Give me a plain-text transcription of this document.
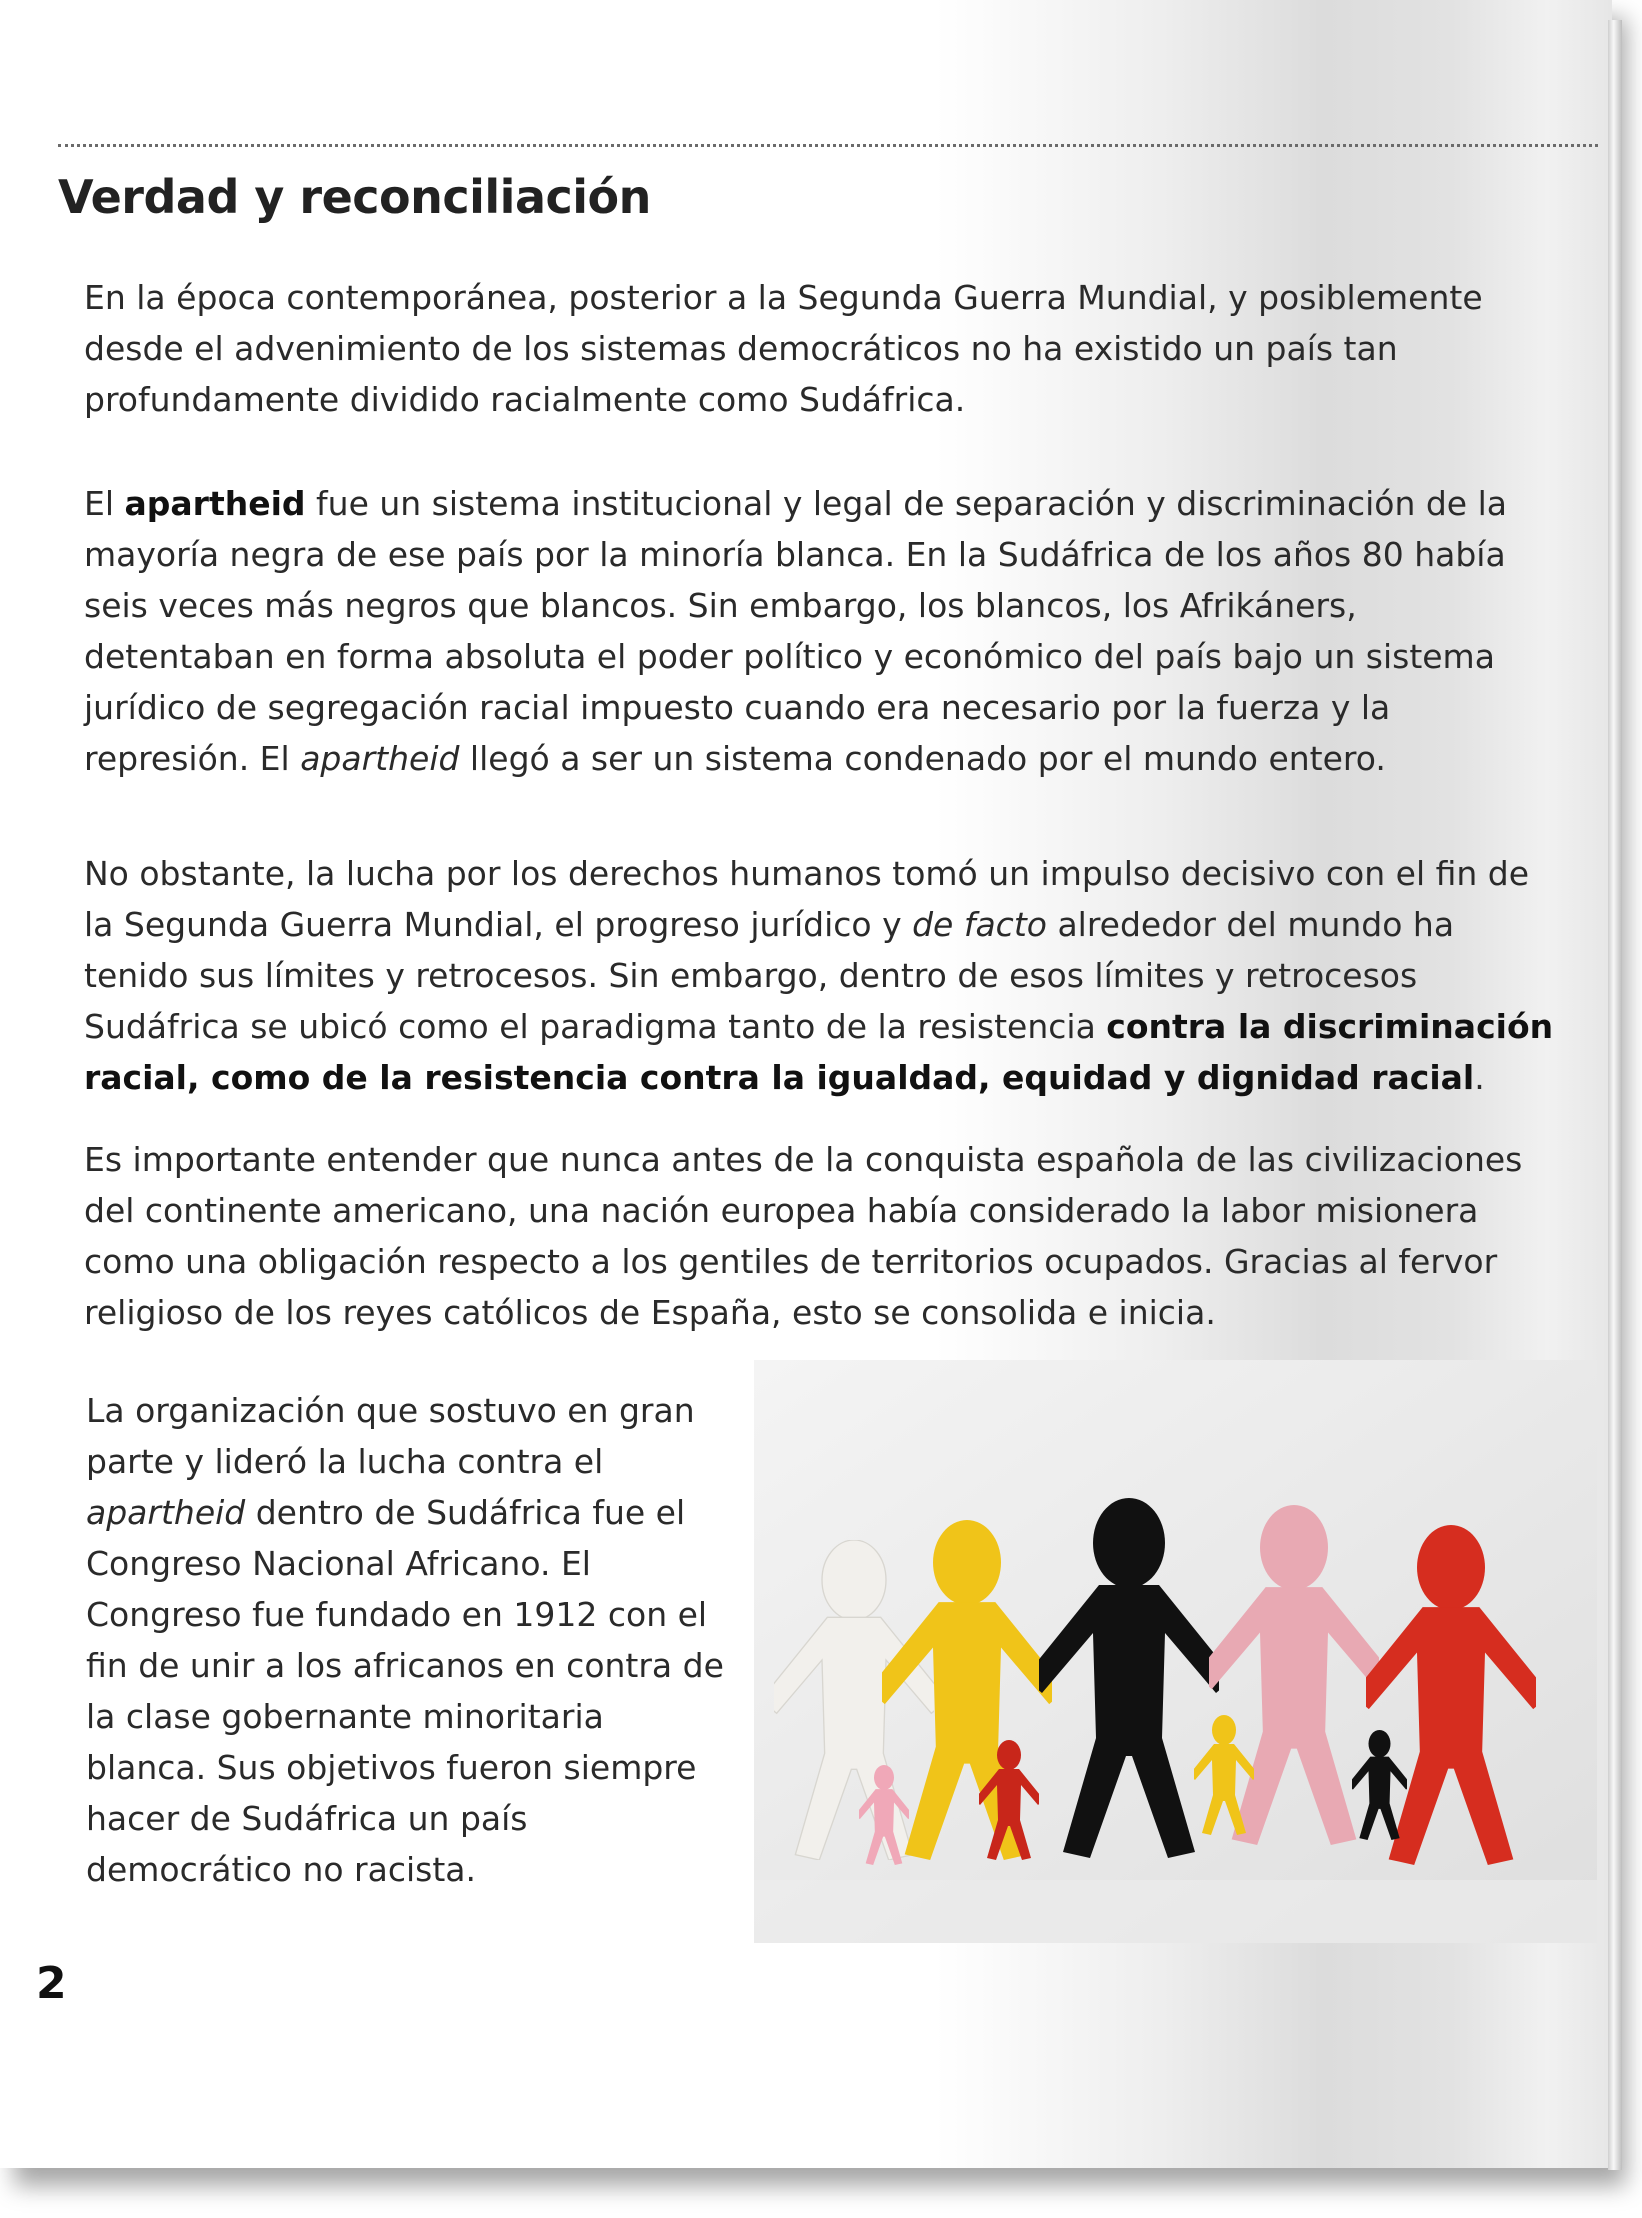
Verdad y reconciliación

En la época contemporánea, posterior a la Segunda Guerra Mundial, y posiblemente desde el advenimiento de los sistemas democráticos no ha existido un país tan profundamente dividido racialmente como Sudáfrica.

El apartheid fue un sistema institucional y legal de separación y discriminación de la mayoría negra de ese país por la minoría blanca. En la Sudáfrica de los años 80 había seis veces más negros que blancos. Sin embargo, los blancos, los Afrikáners, detentaban en forma absoluta el poder político y económico del país bajo un sistema jurídico de segregación racial impuesto cuando era necesario por la fuerza y la represión. El apartheid llegó a ser un sistema condenado por el mundo entero.

No obstante, la lucha por los derechos humanos tomó un impulso decisivo con el fin de la Segunda Guerra Mundial, el progreso jurídico y de facto alrededor del mundo ha tenido sus límites y retrocesos. Sin embargo, dentro de esos límites y retrocesos Sudáfrica se ubicó como el paradigma tanto de la resistencia contra la discriminación racial, como de la resistencia contra la igualdad, equidad y dignidad racial.

Es importante entender que nunca antes de la conquista española de las civilizaciones del continente americano, una nación europea había considerado la labor misionera como una obligación respecto a los gentiles de territorios ocupados. Gracias al fervor religioso de los reyes católicos de España, esto se consolida e inicia.

La organización que sostuvo en gran parte y lideró la lucha contra el apartheid dentro de Sudáfrica fue el Congreso Nacional Africano. El Congreso fue fundado en 1912 con el fin de unir a los africanos en contra de la clase gobernante minoritaria blanca. Sus objetivos fueron siempre hacer de Sudáfrica un país democrático no racista.

2
